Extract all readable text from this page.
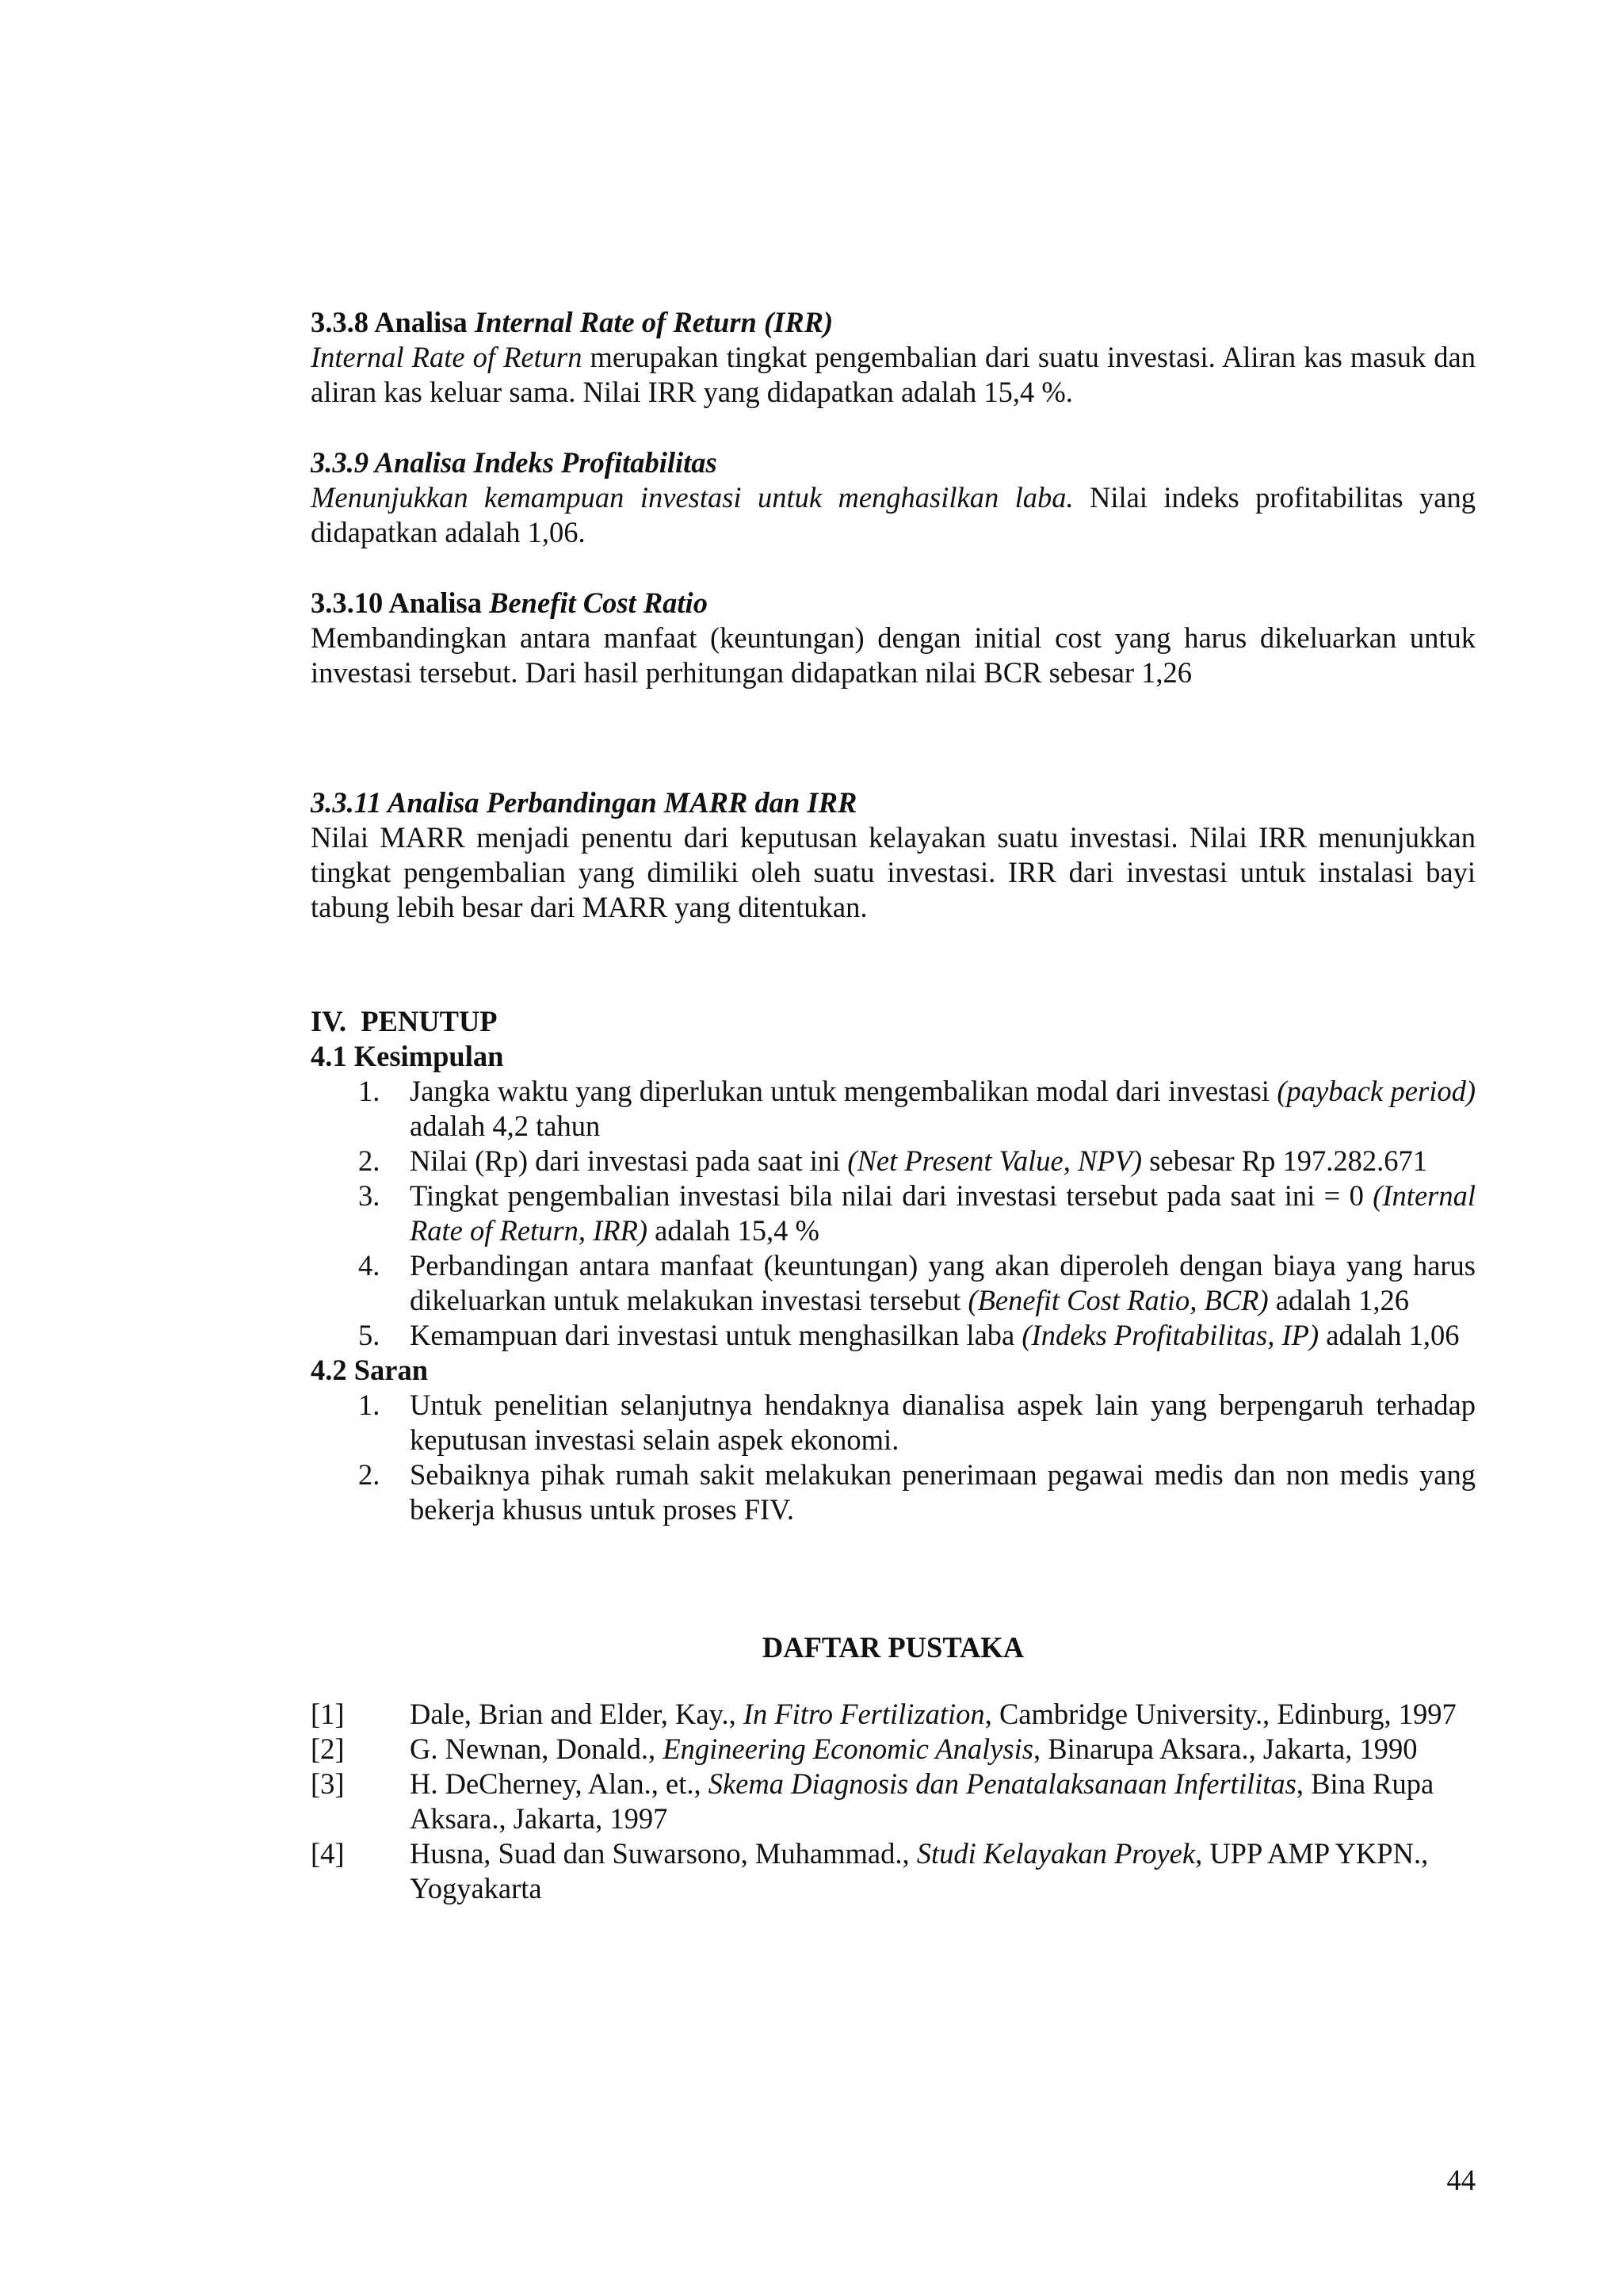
3.3.8 Analisa Internal Rate of Return (IRR)

Internal Rate of Return merupakan tingkat pengembalian dari suatu investasi. Aliran kas masuk dan aliran kas keluar sama. Nilai IRR yang didapatkan adalah 15,4 %.

3.3.9 Analisa Indeks Profitabilitas

Menunjukkan kemampuan investasi untuk menghasilkan laba. Nilai indeks profitabilitas yang didapatkan adalah 1,06.

3.3.10 Analisa Benefit Cost Ratio

Membandingkan antara manfaat (keuntungan) dengan initial cost yang harus dikeluarkan untuk investasi tersebut. Dari hasil perhitungan didapatkan nilai BCR sebesar 1,26

3.3.11 Analisa Perbandingan MARR dan IRR

Nilai MARR menjadi penentu dari keputusan kelayakan suatu investasi. Nilai IRR menunjukkan tingkat pengembalian yang dimiliki oleh suatu investasi. IRR dari investasi untuk instalasi bayi tabung lebih besar dari MARR yang ditentukan.

IV. PENUTUP

4.1 Kesimpulan

1. Jangka waktu yang diperlukan untuk mengembalikan modal dari investasi (payback period) adalah 4,2 tahun
2. Nilai (Rp) dari investasi pada saat ini (Net Present Value, NPV) sebesar Rp 197.282.671
3. Tingkat pengembalian investasi bila nilai dari investasi tersebut pada saat ini = 0 (Internal Rate of Return, IRR) adalah 15,4 %
4. Perbandingan antara manfaat (keuntungan) yang akan diperoleh dengan biaya yang harus dikeluarkan untuk melakukan investasi tersebut (Benefit Cost Ratio, BCR) adalah 1,26
5. Kemampuan dari investasi untuk menghasilkan laba (Indeks Profitabilitas, IP) adalah 1,06

4.2 Saran

1. Untuk penelitian selanjutnya hendaknya dianalisa aspek lain yang berpengaruh terhadap keputusan investasi selain aspek ekonomi.
2. Sebaiknya pihak rumah sakit melakukan penerimaan pegawai medis dan non medis yang bekerja khusus untuk proses FIV.

DAFTAR PUSTAKA

[1] Dale, Brian and Elder, Kay., In Fitro Fertilization, Cambridge University., Edinburg, 1997
[2] G. Newnan, Donald., Engineering Economic Analysis, Binarupa Aksara., Jakarta, 1990
[3] H. DeCherney, Alan., et., Skema Diagnosis dan Penatalaksanaan Infertilitas, Bina Rupa Aksara., Jakarta, 1997
[4] Husna, Suad dan Suwarsono, Muhammad., Studi Kelayakan Proyek, UPP AMP YKPN., Yogyakarta
44
